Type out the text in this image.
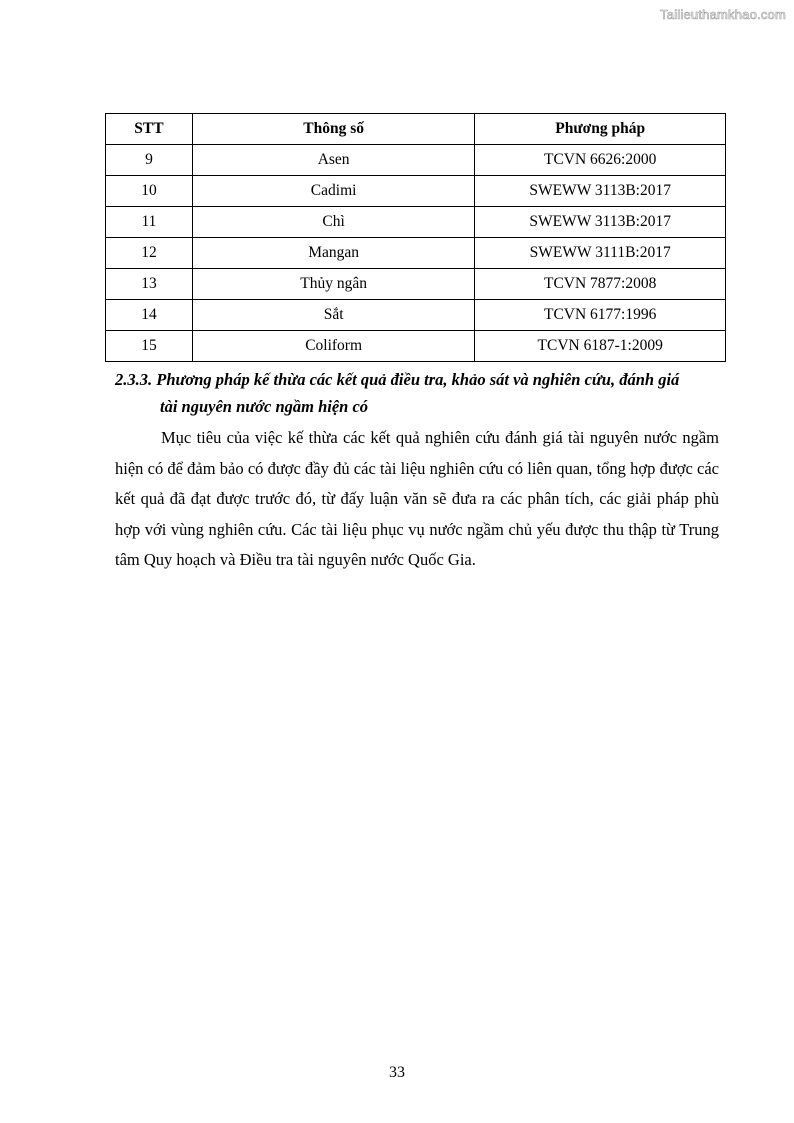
Tailieuthamkhao.com
STT	Thông số	Phương pháp
9	Asen	TCVN 6626:2000
10	Cadimi	SWEWW 3113B:2017
11	Chì	SWEWW 3113B:2017
12	Mangan	SWEWW 3111B:2017
13	Thủy ngân	TCVN 7877:2008
14	Sắt	TCVN 6177:1996
15	Coliform	TCVN 6187-1:2009
2.3.3. Phương pháp kế thừa các kết quả điều tra, khảo sát và nghiên cứu, đánh giá
tài nguyên nước ngầm hiện có

Mục tiêu của việc kế thừa các kết quả nghiên cứu đánh giá tài nguyên nước ngầm hiện có để đảm bảo có được đầy đủ các tài liệu nghiên cứu có liên quan, tổng hợp được các kết quả đã đạt được trước đó, từ đấy luận văn sẽ đưa ra các phân tích, các giải pháp phù hợp với vùng nghiên cứu. Các tài liệu phục vụ nước ngầm chủ yếu được thu thập từ Trung tâm Quy hoạch và Điều tra tài nguyên nước Quốc Gia.

33
